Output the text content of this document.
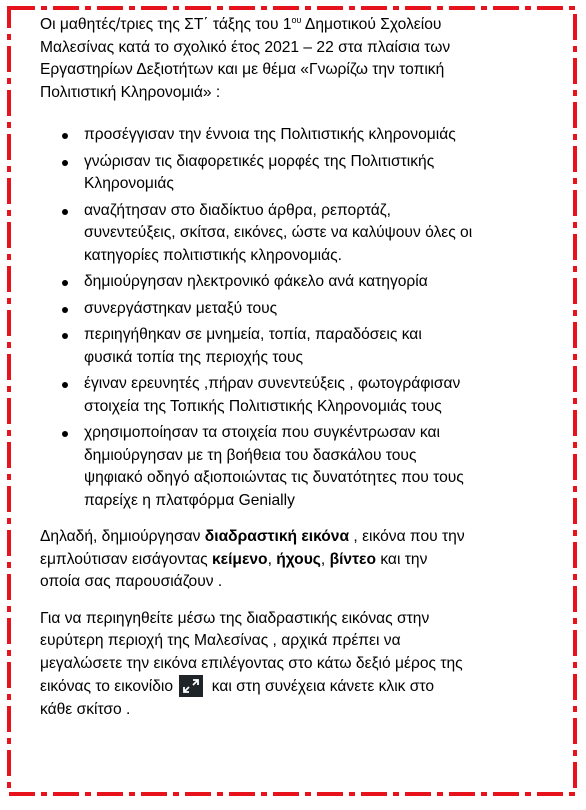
Οι μαθητές/τριες της ΣΤ΄ τάξης του $1^{o\upsilon}$ Δημοτικού Σχολείου

Μαλεσίνας κατά το σχολικό έτος 2021 – 22 στα πλαίσια των

Εργαστηρίων Δεξιοτήτων και με θέμα «Γνωρίζω την τοπική

Πολιτιστική Κληρονομιά» :

προσέγγισαν την έννοια της Πολιτιστικής κληρονομιάς
γνώρισαν τις διαφορετικές μορφές της Πολιτιστικής
Κληρονομιάς
αναζήτησαν στο διαδίκτυο άρθρα, ρεπορτάζ,
συνεντεύξεις, σκίτσα, εικόνες, ώστε να καλύψουν όλες οι
κατηγορίες πολιτιστικής κληρονομιάς.
δημιούργησαν ηλεκτρονικό φάκελο ανά κατηγορία
συνεργάστηκαν μεταξύ τους
περιηγήθηκαν σε μνημεία, τοπία, παραδόσεις και
φυσικά τοπία της περιοχής τους
έγιναν ερευνητές ,πήραν συνεντεύξεις , φωτογράφισαν
στοιχεία της Τοπικής Πολιτιστικής Κληρονομιάς τους
χρησιμοποίησαν τα στοιχεία που συγκέντρωσαν και
δημιούργησαν με τη βοήθεια του δασκάλου τους
ψηφιακό οδηγό αξιοποιώντας τις δυνατότητες που τους
παρείχε η πλατφόρμα Genially

Δηλαδή, δημιούργησαν διαδραστική εικόνα , εικόνα που την
εμπλούτισαν εισάγοντας κείμενο, ήχους, βίντεο και την
οποία σας παρουσιάζουν .

Για να περιηγηθείτε μέσω της διαδραστικής εικόνας στην
ευρύτερη περιοχή της Μαλεσίνας , αρχικά πρέπει να
μεγαλώσετε την εικόνα επιλέγοντας στο κάτω δεξιό μέρος της
εικόνας το εικονίδιο
και στη συνέχεια κάνετε κλικ στο
κάθε σκίτσο .
